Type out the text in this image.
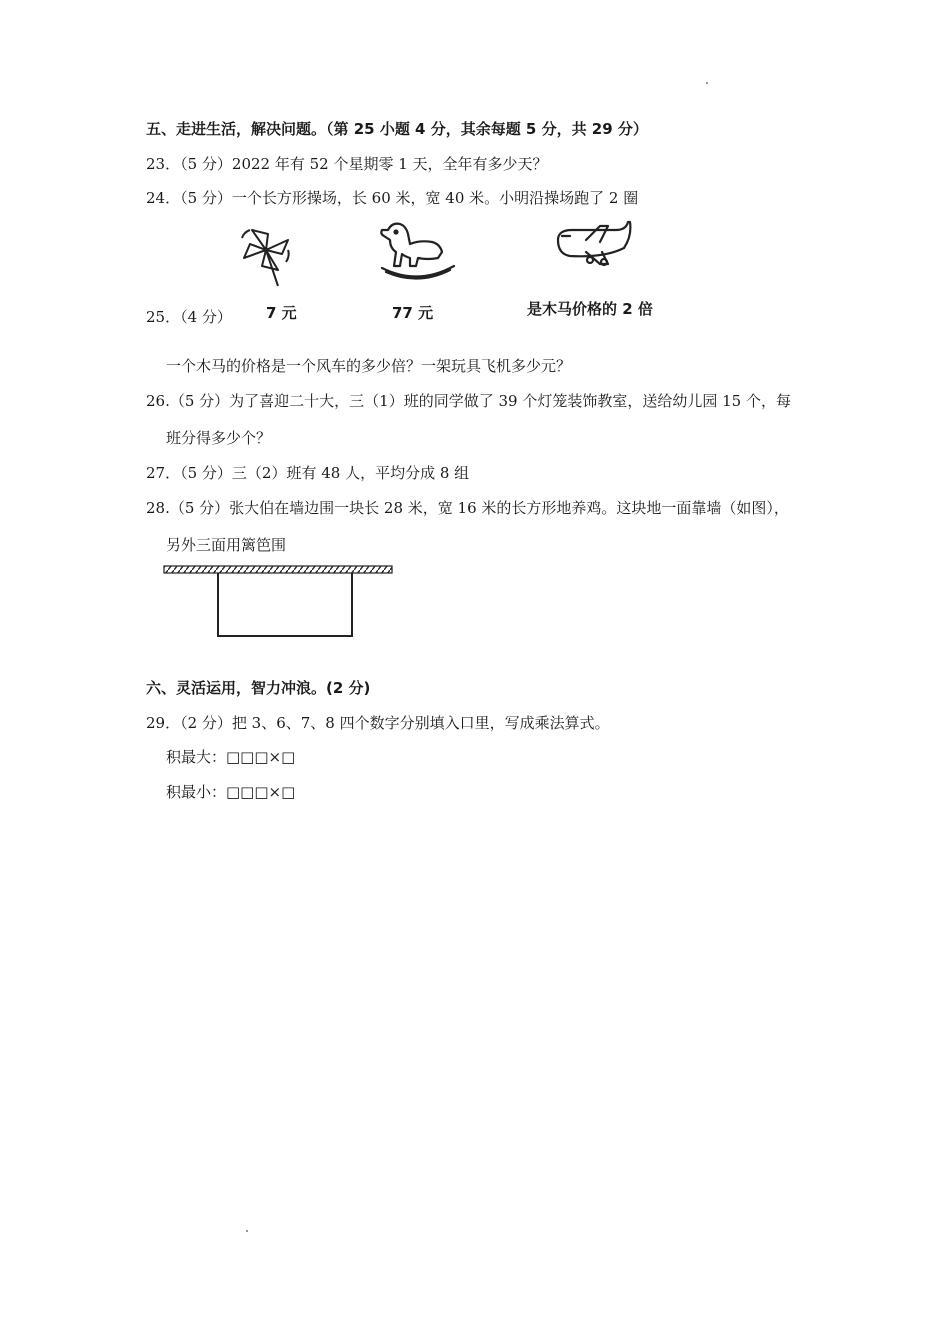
五、走进生活，解决问题。（第 25 小题 4 分，其余每题 5 分，共 29 分）
23．（5 分）2022 年有 52 个星期零 1 天，全年有多少天？
24．（5 分）一个长方形操场，长 60 米，宽 40 米。小明沿操场跑了 2 圈
7 元	77 元	是木马价格的 2 倍
25．（4 分）
一个木马的价格是一个风车的多少倍？一架玩具飞机多少元？
26.（5 分）为了喜迎二十大，三（1）班的同学做了 39 个灯笼装饰教室，送给幼儿园 15 个，每
班分得多少个？
27．（5 分）三（2）班有 48 人，平均分成 8 组
28.（5 分）张大伯在墙边围一块长 28 米，宽 16 米的长方形地养鸡。这块地一面靠墙（如图），
另外三面用篱笆围
六、灵活运用，智力冲浪。(2 分)
29．（2 分）把 3、6、7、8 四个数字分别填入口里，写成乘法算式。
积最大：□□□×□
积最小：□□□×□
